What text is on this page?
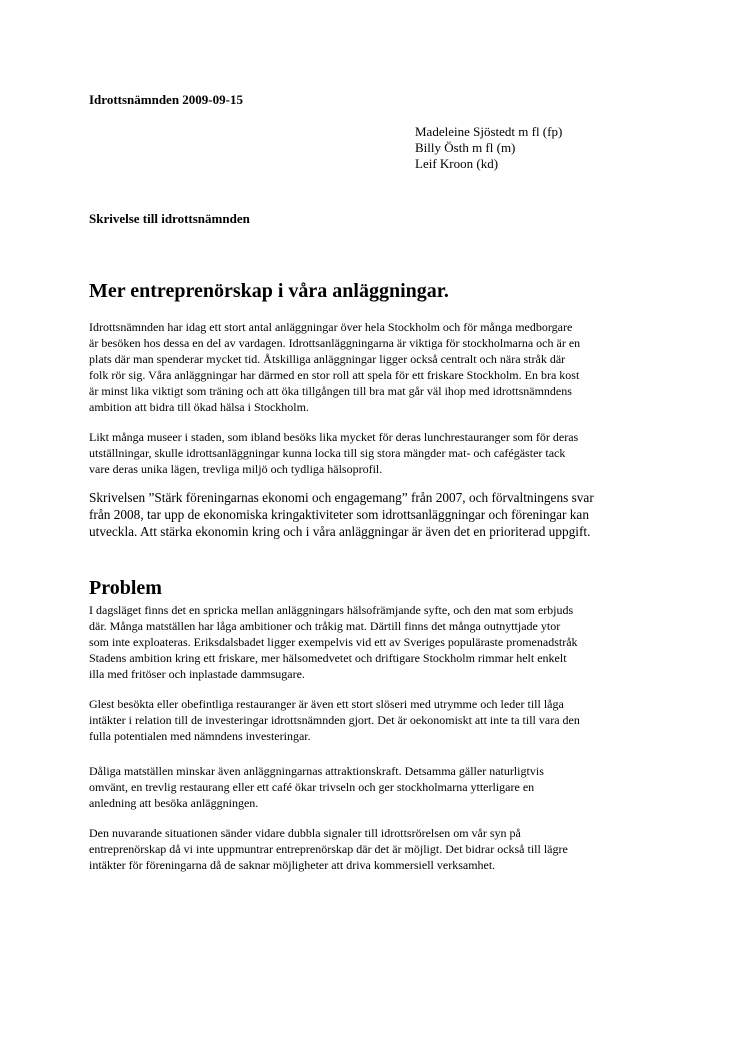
Idrottsnämnden 2009-09-15
Madeleine Sjöstedt m fl (fp)
Billy Östh m fl (m)
Leif Kroon (kd)
Skrivelse till idrottsnämnden
Mer entreprenörskap i våra anläggningar.

Idrottsnämnden har idag ett stort antal anläggningar över hela Stockholm och för många medborgare
är besöken hos dessa en del av vardagen. Idrottsanläggningarna är viktiga för stockholmarna och är en
plats där man spenderar mycket tid. Åtskilliga anläggningar ligger också centralt och nära stråk där
folk rör sig. Våra anläggningar har därmed en stor roll att spela för ett friskare Stockholm. En bra kost
är minst lika viktigt som träning och att öka tillgången till bra mat går väl ihop med idrottsnämndens
ambition att bidra till ökad hälsa i Stockholm.

Likt många museer i staden, som ibland besöks lika mycket för deras lunchrestauranger som för deras
utställningar, skulle idrottsanläggningar kunna locka till sig stora mängder mat- och cafégäster tack
vare deras unika lägen, trevliga miljö och tydliga hälsoprofil.

Skrivelsen ”Stärk föreningarnas ekonomi och engagemang” från 2007, och förvaltningens svar
från 2008, tar upp de ekonomiska kringaktiviteter som idrottsanläggningar och föreningar kan
utveckla. Att stärka ekonomin kring och i våra anläggningar är även det en prioriterad uppgift.

Problem

I dagsläget finns det en spricka mellan anläggningars hälsofrämjande syfte, och den mat som erbjuds
där. Många matställen har låga ambitioner och tråkig mat. Därtill finns det många outnyttjade ytor
som inte exploateras. Eriksdalsbadet ligger exempelvis vid ett av Sveriges populäraste promenadstråk
Stadens ambition kring ett friskare, mer hälsomedvetet och driftigare Stockholm rimmar helt enkelt
illa med fritöser och inplastade dammsugare.

Glest besökta eller obefintliga restauranger är även ett stort slöseri med utrymme och leder till låga
intäkter i relation till de investeringar idrottsnämnden gjort. Det är oekonomiskt att inte ta till vara den
fulla potentialen med nämndens investeringar.

Dåliga matställen minskar även anläggningarnas attraktionskraft. Detsamma gäller naturligtvis
omvänt, en trevlig restaurang eller ett café ökar trivseln och ger stockholmarna ytterligare en
anledning att besöka anläggningen.

Den nuvarande situationen sänder vidare dubbla signaler till idrottsrörelsen om vår syn på
entreprenörskap då vi inte uppmuntrar entreprenörskap där det är möjligt. Det bidrar också till lägre
intäkter för föreningarna då de saknar möjligheter att driva kommersiell verksamhet.
